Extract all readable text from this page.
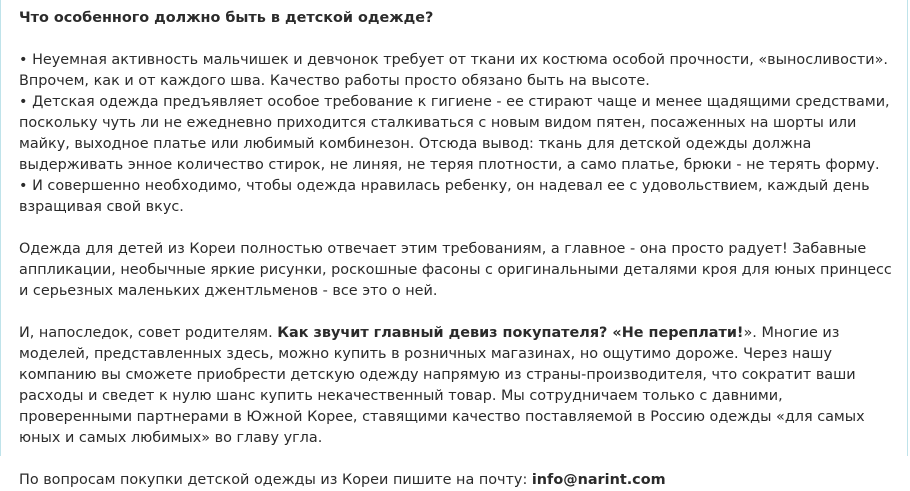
Что особенного должно быть в детской одежде?

• Неуемная активность мальчишек и девчонок требует от ткани их костюма особой прочности, «выносливости». Впрочем, как и от каждого шва. Качество работы просто обязано быть на высоте.

• Детская одежда предъявляет особое требование к гигиене - ее стирают чаще и менее щадящими средствами, поскольку чуть ли не ежедневно приходится сталкиваться с новым видом пятен, посаженных на шорты или майку, выходное платье или любимый комбинезон. Отсюда вывод: ткань для детской одежды должна выдерживать энное количество стирок, не линяя, не теряя плотности, а само платье, брюки - не терять форму.

• И совершенно необходимо, чтобы одежда нравилась ребенку, он надевал ее с удовольствием, каждый день взращивая свой вкус.

Одежда для детей из Кореи полностью отвечает этим требованиям, а главное - она просто радует! Забавные аппликации, необычные яркие рисунки, роскошные фасоны с оригинальными деталями кроя для юных принцесс и серьезных маленьких джентльменов - все это о ней.

И, напоследок, совет родителям. Как звучит главный девиз покупателя? «Не переплати!». Многие из моделей, представленных здесь, можно купить в розничных магазинах, но ощутимо дороже. Через нашу компанию вы сможете приобрести детскую одежду напрямую из страны-производителя, что сократит ваши расходы и сведет к нулю шанс купить некачественный товар. Мы сотрудничаем только с давними, проверенными партнерами в Южной Корее, ставящими качество поставляемой в Россию одежды «для самых юных и самых любимых» во главу угла.

По вопросам покупки детской одежды из Кореи пишите на почту: info@narint.com
